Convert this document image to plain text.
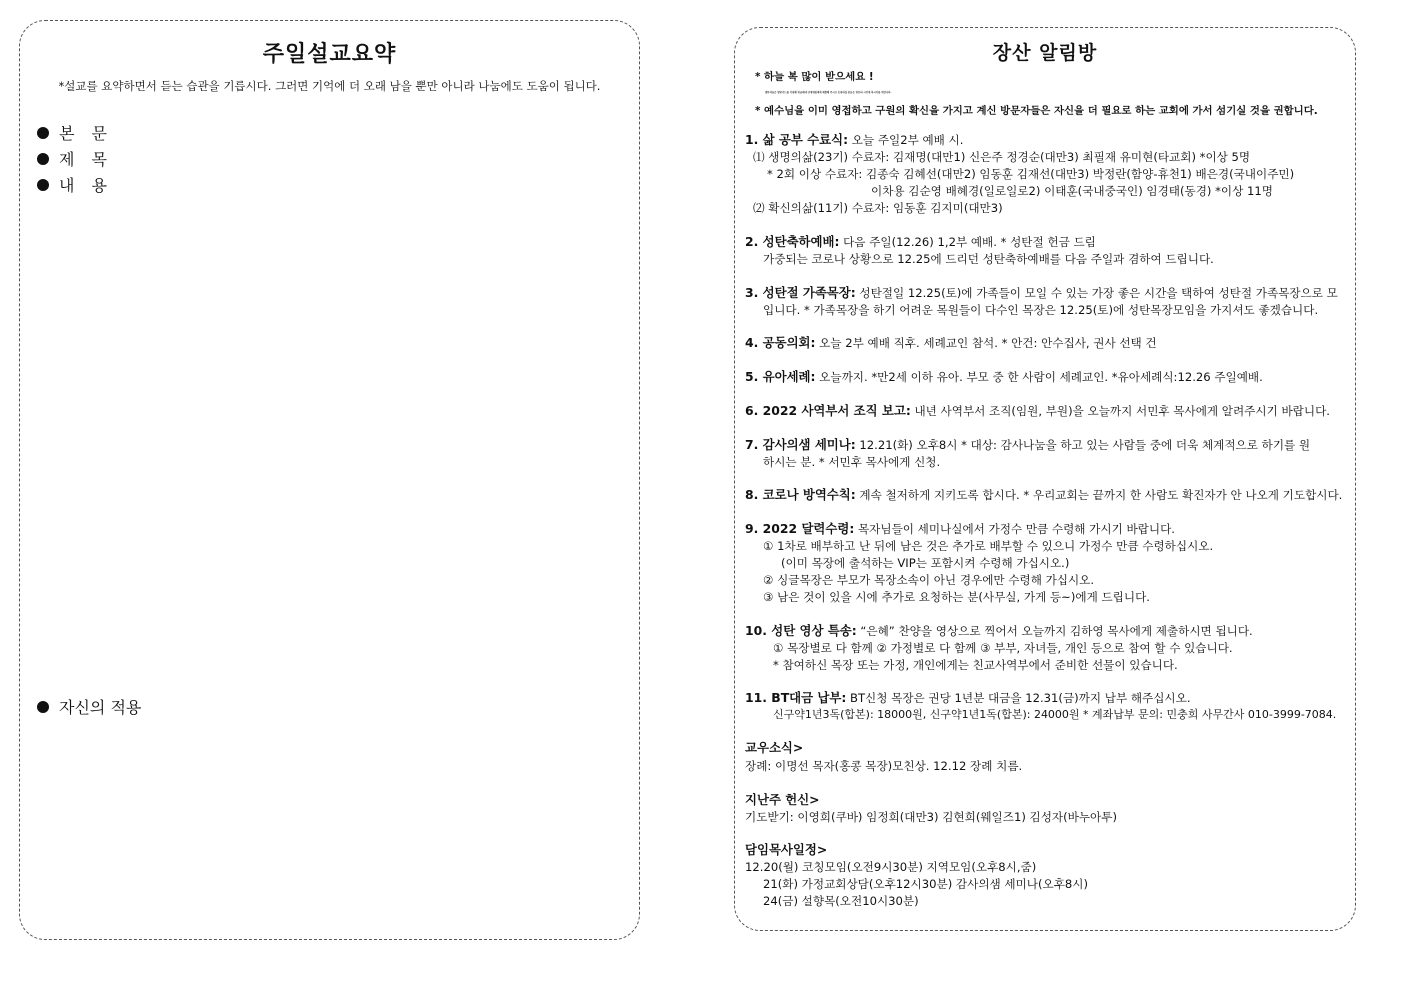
주일설교요약
*설교를 요약하면서 듣는 습관을 기릅시다. 그러면 기억에 더 오래 남을 뿐만 아니라 나눔에도 도움이 됩니다.
본 문
제 목
내 용
자신의 적용
장산 알림방
* 하늘 복 많이 받으세요 !
방문자들은 방문카드를 기록해 헌금대에 안내위원에게 제출해 주시고 등록하실 분들은 헌신의 시간에 하시기를 바랍니다.
* 예수님을 이미 영접하고 구원의 확신을 가지고 계신 방문자들은 자신을 더 필요로 하는 교회에 가서 섬기실 것을 권합니다.
1. 삶 공부 수료식: 오늘 주일2부 예배 시.
⑴ 생명의삶(23기) 수료자: 김재명(대만1) 신은주 정경순(대만3) 최필재 유미현(타교회) *이상 5명
* 2회 이상 수료자: 김종숙 김혜선(대만2) 임동훈 김재선(대만3) 박정란(함양-휴천1) 배은경(국내이주민)
이차용 김순영 배혜경(일로일로2) 이태훈(국내중국인) 임경태(동경) *이상 11명
⑵ 확신의삶(11기) 수료자: 임동훈 김지미(대만3)
2. 성탄축하예배: 다음 주일(12.26) 1,2부 예배. * 성탄절 헌금 드림
가중되는 코로나 상황으로 12.25에 드리던 성탄축하예배를 다음 주일과 겸하여 드립니다.
3. 성탄절 가족목장: 성탄절일 12.25(토)에 가족들이 모일 수 있는 가장 좋은 시간을 택하여 성탄절 가족목장으로 모
입니다. * 가족목장을 하기 어려운 목원들이 다수인 목장은 12.25(토)에 성탄목장모임을 가지셔도 좋겠습니다.
4. 공동의회: 오늘 2부 예배 직후. 세례교인 참석. * 안건: 안수집사, 권사 선택 건
5. 유아세례: 오늘까지. *만2세 이하 유아. 부모 중 한 사람이 세례교인. *유아세례식:12.26 주일예배.
6. 2022 사역부서 조직 보고: 내년 사역부서 조직(임원, 부원)을 오늘까지 서민후 목사에게 알려주시기 바랍니다.
7. 감사의샘 세미나: 12.21(화) 오후8시 * 대상: 감사나눔을 하고 있는 사람들 중에 더욱 체계적으로 하기를 원
하시는 분. * 서민후 목사에게 신청.
8. 코로나 방역수칙: 계속 철저하게 지키도록 합시다. * 우리교회는 끝까지 한 사람도 확진자가 안 나오게 기도합시다.
9. 2022 달력수령: 목자님들이 세미나실에서 가정수 만큼 수령해 가시기 바랍니다.
① 1차로 배부하고 난 뒤에 남은 것은 추가로 배부할 수 있으니 가정수 만큼 수령하십시오.
(이미 목장에 출석하는 VIP는 포함시켜 수령해 가십시오.)
② 싱글목장은 부모가 목장소속이 아닌 경우에만 수령해 가십시오.
③ 남은 것이 있을 시에 추가로 요청하는 분(사무실, 가게 등~)에게 드립니다.
10. 성탄 영상 특송: “은혜” 찬양을 영상으로 찍어서 오늘까지 김하영 목사에게 제출하시면 됩니다.
① 목장별로 다 함께 ② 가정별로 다 함께 ③ 부부, 자녀들, 개인 등으로 참여 할 수 있습니다.
* 참여하신 목장 또는 가정, 개인에게는 친교사역부에서 준비한 선물이 있습니다.
11. BT대금 납부: BT신청 목장은 권당 1년분 대금을 12.31(금)까지 납부 해주십시오.
신구약1년3독(합본): 18000원, 신구약1년1독(합본): 24000원 * 계좌납부 문의: 민충희 사무간사 010-3999-7084.
교우소식>
장례: 이명선 목자(홍콩 목장)모친상. 12.12 장례 치름.
지난주 헌신>
기도받기: 이영희(쿠바) 임정희(대만3) 김현희(웨일즈1) 김성자(바누아투)
담임목사일정>
12.20(월) 코칭모임(오전9시30분) 지역모임(오후8시,줌)
21(화) 가정교회상담(오후12시30분) 감사의샘 세미나(오후8시)
24(금) 설향목(오전10시30분)
